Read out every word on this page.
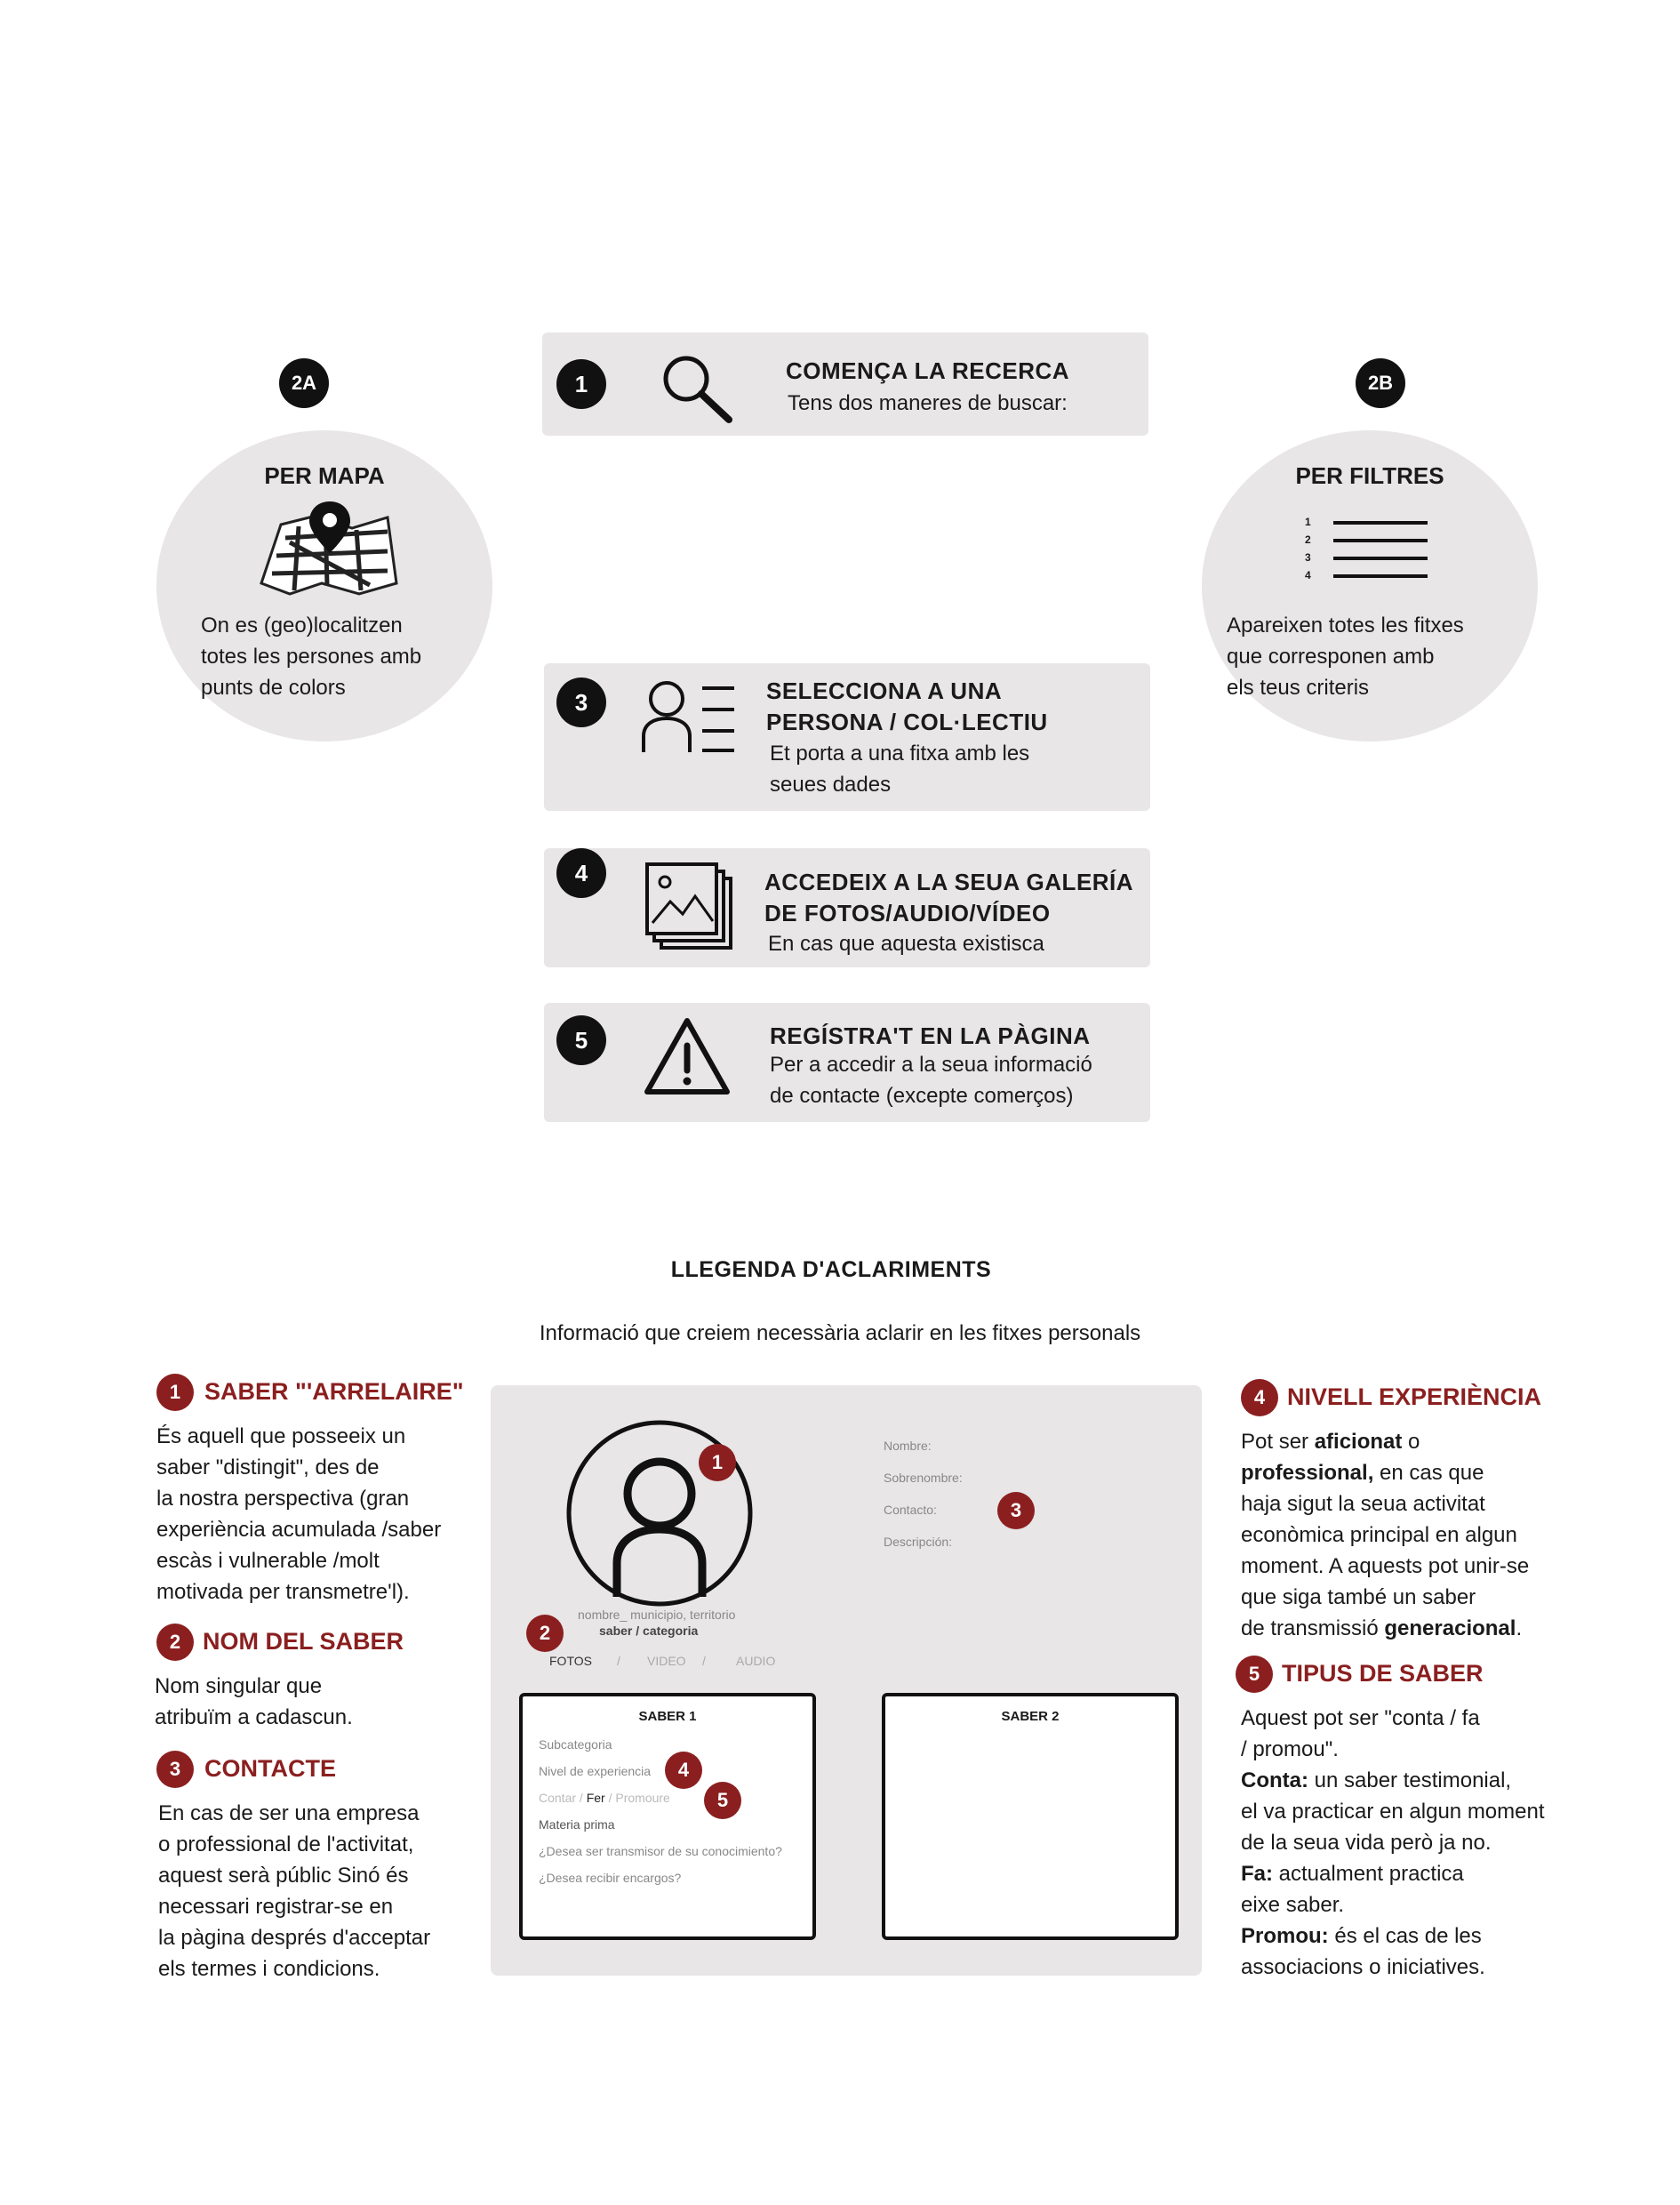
1	COMENÇA LA RECERCA
Tens dos maneres de buscar:
2A
PER MAPA
On es (geo)localitzen
totes les persones amb
punts de colors
2B
PER FILTRES
1
2
3
4
Apareixen totes les fitxes
que corresponen amb
els teus criteris
3	SELECCIONA A UNA
PERSONA / COL·LECTIU
Et porta a una fitxa amb les
seues dades
4	ACCEDEIX A LA SEUA GALERÍA
DE FOTOS/AUDIO/VÍDEO
En cas que aquesta existisca
5	REGÍSTRA'T EN LA PÀGINA
Per a accedir a la seua informació
de contacte (excepte comerços)
LLEGENDA D'ACLARIMENTS
Informació que creiem necessària aclarir en les fitxes personals
1 SABER "'ARRELAIRE"
És aquell que posseeix un
saber "distingit", des de
la nostra perspectiva (gran
experiència acumulada /saber
escàs i vulnerable /molt
motivada per transmetre'l).
2 NOM DEL SABER
Nom singular que
atribuïm a cadascun.
3 CONTACTE
En cas de ser una empresa
o professional de l'activitat,
aquest serà públic Sinó és
necessari registrar-se en
la pàgina després d'acceptar
els termes i condicions.
4 NIVELL EXPERIÈNCIA
Pot ser aficionat o
professional, en cas que
haja sigut la seua activitat
econòmica principal en algun
moment. A aquests pot unir-se
que siga també un saber
de transmissió generacional.
5 TIPUS DE SABER
Aquest pot ser "conta / fa
/ promou".
Conta: un saber testimonial,
el va practicar en algun moment
de la seua vida però ja no.
Fa: actualment practica
eixe saber.
Promou: és el cas de les
associacions o iniciatives.
nombre_ municipio, territorio
saber / categoria
FOTOS / VIDEO / AUDIO
Nombre:
Sobrenombre:
Contacto:
Descripción:
SABER 1
Subcategoria
Nivel de experiencia
Contar / Fer / Promoure
Materia prima
¿Desea ser transmisor de su conocimiento?
¿Desea recibir encargos?
SABER 2
1
2
3
4
5
